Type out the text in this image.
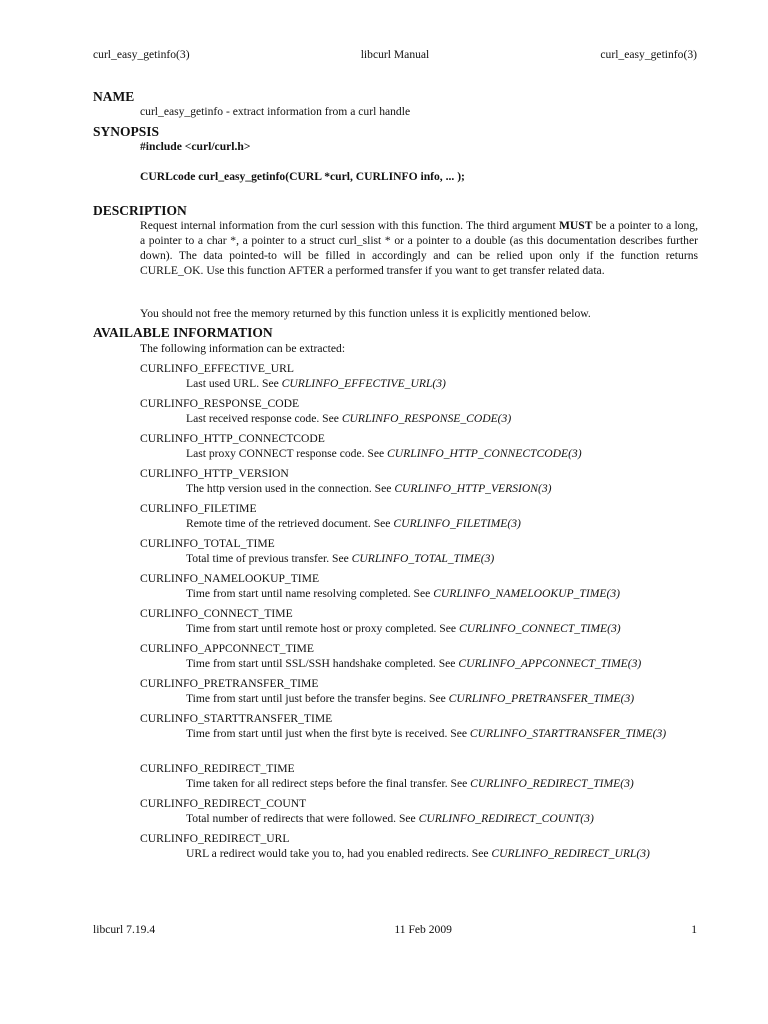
curl_easy_getinfo(3)	libcurl Manual	curl_easy_getinfo(3)
NAME
curl_easy_getinfo - extract information from a curl handle
SYNOPSIS
#include <curl/curl.h>
CURLcode curl_easy_getinfo(CURL *curl, CURLINFO info, ... );
DESCRIPTION
Request internal information from the curl session with this function. The third argument MUST be a pointer to a long, a pointer to a char *, a pointer to a struct curl_slist * or a pointer to a double (as this documentation describes further down). The data pointed-to will be filled in accordingly and can be relied upon only if the function returns CURLE_OK. Use this function AFTER a performed transfer if you want to get transfer related data.
You should not free the memory returned by this function unless it is explicitly mentioned below.
AVAILABLE INFORMATION
The following information can be extracted:
CURLINFO_EFFECTIVE_URL
Last used URL. See CURLINFO_EFFECTIVE_URL(3)
CURLINFO_RESPONSE_CODE
Last received response code. See CURLINFO_RESPONSE_CODE(3)
CURLINFO_HTTP_CONNECTCODE
Last proxy CONNECT response code. See CURLINFO_HTTP_CONNECTCODE(3)
CURLINFO_HTTP_VERSION
The http version used in the connection. See CURLINFO_HTTP_VERSION(3)
CURLINFO_FILETIME
Remote time of the retrieved document. See CURLINFO_FILETIME(3)
CURLINFO_TOTAL_TIME
Total time of previous transfer. See CURLINFO_TOTAL_TIME(3)
CURLINFO_NAMELOOKUP_TIME
Time from start until name resolving completed. See CURLINFO_NAMELOOKUP_TIME(3)
CURLINFO_CONNECT_TIME
Time from start until remote host or proxy completed. See CURLINFO_CONNECT_TIME(3)
CURLINFO_APPCONNECT_TIME
Time from start until SSL/SSH handshake completed. See CURLINFO_APPCONNECT_TIME(3)
CURLINFO_PRETRANSFER_TIME
Time from start until just before the transfer begins. See CURLINFO_PRETRANSFER_TIME(3)
CURLINFO_STARTTRANSFER_TIME
Time from start until just when the first byte is received. See CURLINFO_STARTTRANSFER_TIME(3)
CURLINFO_REDIRECT_TIME
Time taken for all redirect steps before the final transfer. See CURLINFO_REDIRECT_TIME(3)
CURLINFO_REDIRECT_COUNT
Total number of redirects that were followed. See CURLINFO_REDIRECT_COUNT(3)
CURLINFO_REDIRECT_URL
URL a redirect would take you to, had you enabled redirects. See CURLINFO_REDIRECT_URL(3)
libcurl 7.19.4	11 Feb 2009	1
